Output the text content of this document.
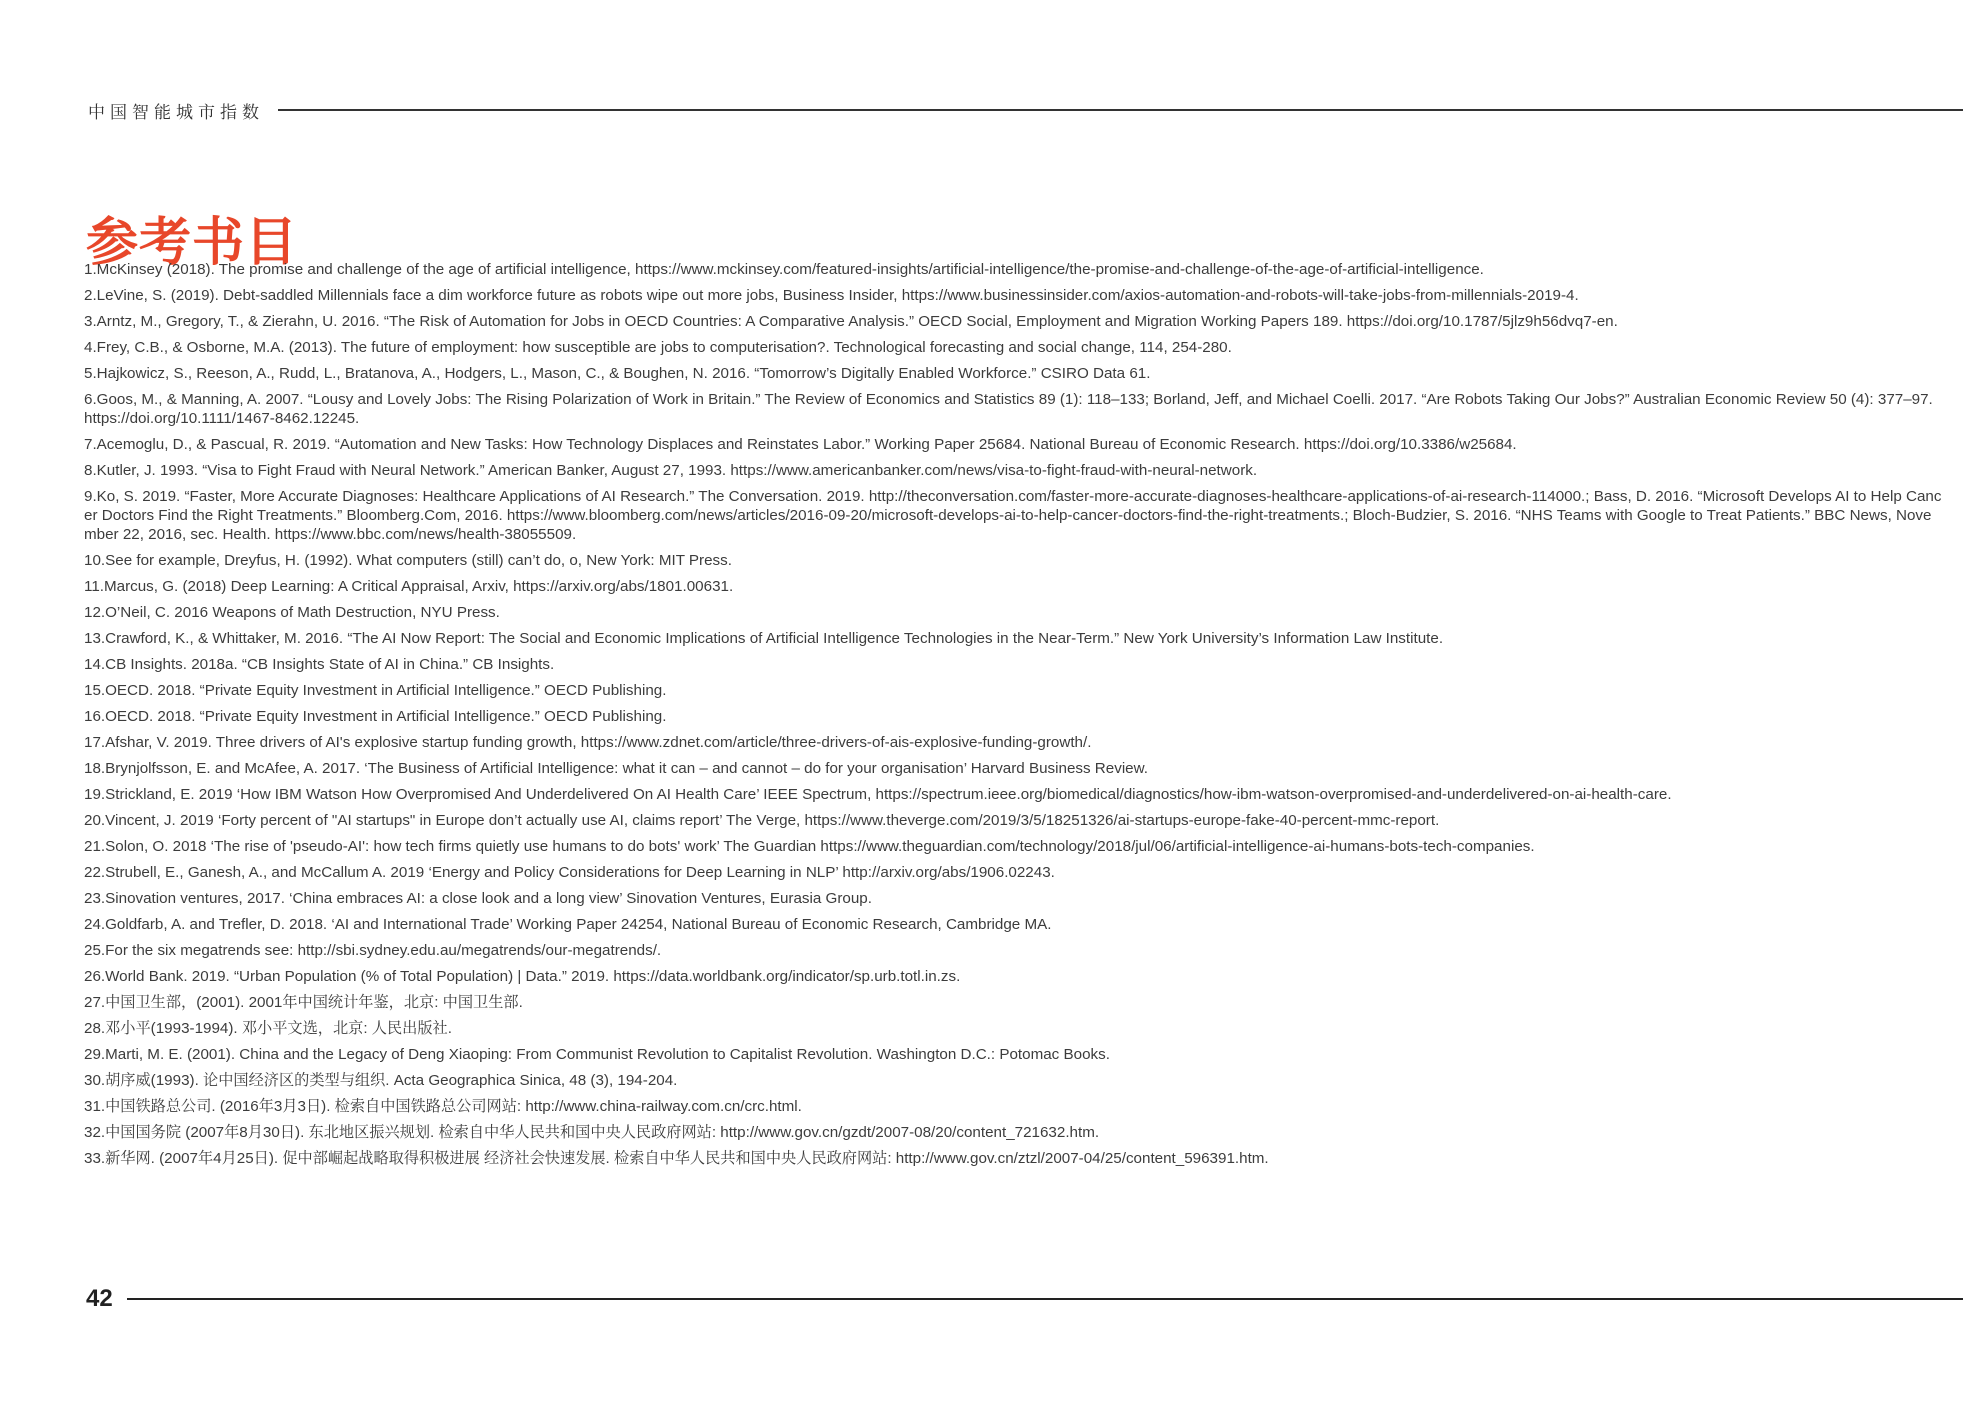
中国智能城市指数
参考书目
1.McKinsey (2018). The promise and challenge of the age of artificial intelligence, https://www.mckinsey.com/featured-insights/artificial-intelligence/the-promise-and-challenge-of-the-age-of-artificial-intelligence.
2.LeVine, S. (2019). Debt-saddled Millennials face a dim workforce future as robots wipe out more jobs, Business Insider, https://www.businessinsider.com/axios-automation-and-robots-will-take-jobs-from-millennials-2019-4.
3.Arntz, M., Gregory, T., & Zierahn, U. 2016. “The Risk of Automation for Jobs in OECD Countries: A Comparative Analysis.” OECD Social, Employment and Migration Working Papers 189. https://doi.org/10.1787/5jlz9h56dvq7-en.
4.Frey, C.B., & Osborne, M.A. (2013). The future of employment: how susceptible are jobs to computerisation?. Technological forecasting and social change, 114, 254-280.
5.Hajkowicz, S., Reeson, A., Rudd, L., Bratanova, A., Hodgers, L., Mason, C., & Boughen, N. 2016. “Tomorrow’s Digitally Enabled Workforce.” CSIRO Data 61.
6.Goos, M., & Manning, A. 2007. “Lousy and Lovely Jobs: The Rising Polarization of Work in Britain.” The Review of Economics and Statistics 89 (1): 118–133; Borland, Jeff, and Michael Coelli. 2017. “Are Robots Taking Our Jobs?” Australian Economic Review 50 (4): 377–97. https://doi.org/10.1111/1467-8462.12245.
7.Acemoglu, D., & Pascual, R. 2019. “Automation and New Tasks: How Technology Displaces and Reinstates Labor.” Working Paper 25684. National Bureau of Economic Research. https://doi.org/10.3386/w25684.
8.Kutler, J. 1993. “Visa to Fight Fraud with Neural Network.” American Banker, August 27, 1993. https://www.americanbanker.com/news/visa-to-fight-fraud-with-neural-network.
9.Ko, S. 2019. “Faster, More Accurate Diagnoses: Healthcare Applications of AI Research.” The Conversation. 2019. http://theconversation.com/faster-more-accurate-diagnoses-healthcare-applications-of-ai-research-114000.; Bass, D. 2016. “Microsoft Develops AI to Help Cancer Doctors Find the Right Treatments.” Bloomberg.Com, 2016. https://www.bloomberg.com/news/articles/2016-09-20/microsoft-develops-ai-to-help-cancer-doctors-find-the-right-treatments.; Bloch-Budzier, S. 2016. “NHS Teams with Google to Treat Patients.” BBC News, November 22, 2016, sec. Health. https://www.bbc.com/news/health-38055509.
10.See for example, Dreyfus, H. (1992). What computers (still) can’t do, o, New York: MIT Press.
11.Marcus, G. (2018) Deep Learning: A Critical Appraisal, Arxiv, https://arxiv.org/abs/1801.00631.
12.O’Neil, C. 2016 Weapons of Math Destruction, NYU Press.
13.Crawford, K., & Whittaker, M. 2016. “The AI Now Report: The Social and Economic Implications of Artificial Intelligence Technologies in the Near-Term.” New York University’s Information Law Institute.
14.CB Insights. 2018a. “CB Insights State of AI in China.” CB Insights.
15.OECD. 2018. “Private Equity Investment in Artificial Intelligence.” OECD Publishing.
16.OECD. 2018. “Private Equity Investment in Artificial Intelligence.” OECD Publishing.
17.Afshar, V. 2019. Three drivers of AI's explosive startup funding growth, https://www.zdnet.com/article/three-drivers-of-ais-explosive-funding-growth/.
18.Brynjolfsson, E. and McAfee, A. 2017. ‘The Business of Artificial Intelligence: what it can – and cannot – do for your organisation’ Harvard Business Review.
19.Strickland, E. 2019 ‘How IBM Watson How Overpromised And Underdelivered On AI Health Care’ IEEE Spectrum, https://spectrum.ieee.org/biomedical/diagnostics/how-ibm-watson-overpromised-and-underdelivered-on-ai-health-care.
20.Vincent, J. 2019 ‘Forty percent of "AI startups" in Europe don’t actually use AI, claims report’ The Verge, https://www.theverge.com/2019/3/5/18251326/ai-startups-europe-fake-40-percent-mmc-report.
21.Solon, O. 2018 ‘The rise of 'pseudo-AI': how tech firms quietly use humans to do bots' work’ The Guardian https://www.theguardian.com/technology/2018/jul/06/artificial-intelligence-ai-humans-bots-tech-companies.
22.Strubell, E., Ganesh, A., and McCallum A. 2019 ‘Energy and Policy Considerations for Deep Learning in NLP’ http://arxiv.org/abs/1906.02243.
23.Sinovation ventures, 2017. ‘China embraces AI: a close look and a long view’ Sinovation Ventures, Eurasia Group.
24.Goldfarb, A. and Trefler, D. 2018. ‘AI and International Trade’ Working Paper 24254, National Bureau of Economic Research, Cambridge MA.
25.For the six megatrends see: http://sbi.sydney.edu.au/megatrends/our-megatrends/.
26.World Bank. 2019. “Urban Population (% of Total Population) | Data.” 2019. https://data.worldbank.org/indicator/sp.urb.totl.in.zs.
27.中国卫生部，(2001). 2001年中国统计年鉴，北京: 中国卫生部.
28.邓小平(1993-1994). 邓小平文选，北京: 人民出版社.
29.Marti, M. E. (2001). China and the Legacy of Deng Xiaoping: From Communist Revolution to Capitalist Revolution. Washington D.C.: Potomac Books.
30.胡序威(1993). 论中国经济区的类型与组织. Acta Geographica Sinica, 48 (3), 194-204.
31.中国铁路总公司. (2016年3月3日). 检索自中国铁路总公司网站: http://www.china-railway.com.cn/crc.html.
32.中国国务院 (2007年8月30日). 东北地区振兴规划. 检索自中华人民共和国中央人民政府网站: http://www.gov.cn/gzdt/2007-08/20/content_721632.htm.
33.新华网. (2007年4月25日). 促中部崛起战略取得积极进展 经济社会快速发展. 检索自中华人民共和国中央人民政府网站: http://www.gov.cn/ztzl/2007-04/25/content_596391.htm.
42
